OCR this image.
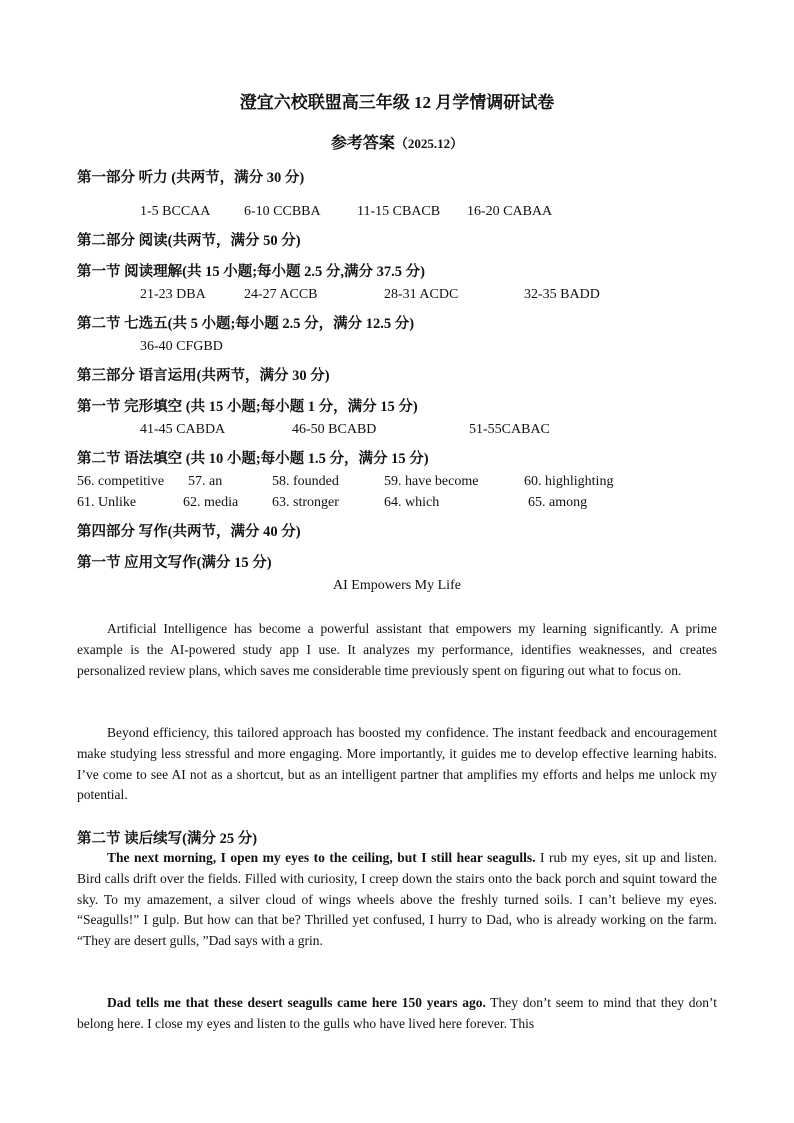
澄宜六校联盟高三年级 12 月学情调研试卷
参考答案（2025.12）
第一部分 听力 (共两节，满分 30 分)
1-5 BCCAA 6-10 CCBBA	11-15 CBACB 16-20 CABAA
第二部分 阅读(共两节，满分 50 分)
第一节 阅读理解(共 15 小题;每小题 2.5 分,满分 37.5 分)
21-23 DBA	24-27 ACCB	28-31 ACDC	32-35 BADD
第二节 七选五(共 5 小题;每小题 2.5 分，满分 12.5 分)
36-40 CFGBD
第三部分 语言运用(共两节，满分 30 分)
第一节 完形填空 (共 15 小题;每小题 1 分，满分 15 分)
41-45 CABDA	46-50 BCABD	51-55CABAC
第二节 语法填空 (共 10 小题;每小题 1.5 分，满分 15 分)
56. competitive 57. an	58. founded	59. have become	60. highlighting
61. Unlike	62. media 63. stronger	64. which	65. among
第四部分 写作(共两节，满分 40 分)
第一节 应用文写作(满分 15 分)
AI Empowers My Life
Artificial Intelligence has become a powerful assistant that empowers my learning significantly. A prime example is the AI-powered study app I use. It analyzes my performance, identifies weaknesses, and creates personalized review plans, which saves me considerable time previously spent on figuring out what to focus on.
Beyond efficiency, this tailored approach has boosted my confidence. The instant feedback and encouragement make studying less stressful and more engaging. More importantly, it guides me to develop effective learning habits. I’ve come to see AI not as a shortcut, but as an intelligent partner that amplifies my efforts and helps me unlock my potential.
第二节 读后续写(满分 25 分)
The next morning, I open my eyes to the ceiling, but I still hear seagulls. I rub my eyes, sit up and listen. Bird calls drift over the fields. Filled with curiosity, I creep down the stairs onto the back porch and squint toward the sky. To my amazement, a silver cloud of wings wheels above the freshly turned soils. I can’t believe my eyes. “Seagulls!” I gulp. But how can that be? Thrilled yet confused, I hurry to Dad, who is already working on the farm. “They are desert gulls, ”Dad says with a grin.
Dad tells me that these desert seagulls came here 150 years ago. They don’t seem to mind that they don’t belong here. I close my eyes and listen to the gulls who have lived here forever. This
